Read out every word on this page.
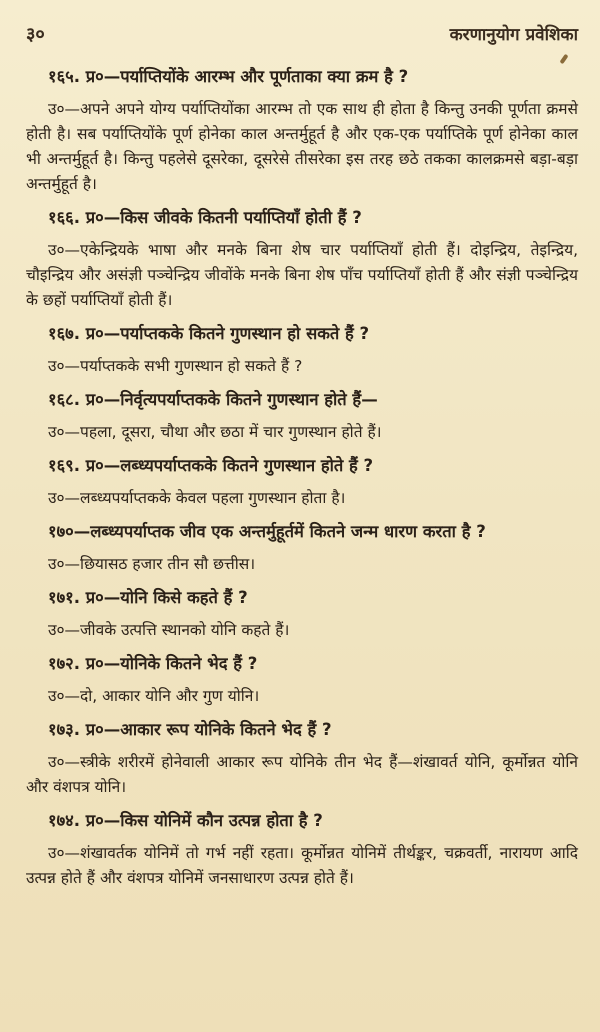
३०	करणानुयोग प्रवेशिका
१६५. प्र०—पर्याप्तियोंके आरम्भ और पूर्णताका क्या क्रम है ?

उ०—अपने अपने योग्य पर्याप्तियोंका आरम्भ तो एक साथ ही होता है किन्तु उनकी पूर्णता क्रमसे होती है। सब पर्याप्तियोंके पूर्ण होनेका काल अन्तर्मुहूर्त है और एक-एक पर्याप्तिके पूर्ण होनेका काल भी अन्तर्मुहूर्त है। किन्तु पहलेसे दूसरेका, दूसरेसे तीसरेका इस तरह छठे तकका कालक्रमसे बड़ा-बड़ा अन्तर्मुहूर्त है।

१६६. प्र०—किस जीवके कितनी पर्याप्तियाँ होती हैं ?

उ०—एकेन्द्रियके भाषा और मनके बिना शेष चार पर्याप्तियाँ होती हैं। दोइन्द्रिय, तेइन्द्रिय, चौइन्द्रिय और असंज्ञी पञ्चेन्द्रिय जीवोंके मनके बिना शेष पाँच पर्याप्तियाँ होती हैं और संज्ञी पञ्चेन्द्रिय के छहों पर्याप्तियाँ होती हैं।

१६७. प्र०—पर्याप्तकके कितने गुणस्थान हो सकते हैं ?

उ०—पर्याप्तकके सभी गुणस्थान हो सकते हैं ?

१६८. प्र०—निर्वृत्यपर्याप्तकके कितने गुणस्थान होते हैं—

उ०—पहला, दूसरा, चौथा और छठा में चार गुणस्थान होते हैं।

१६९. प्र०—लब्ध्यपर्याप्तकके कितने गुणस्थान होते हैं ?

उ०—लब्ध्यपर्याप्तकके केवल पहला गुणस्थान होता है।

१७०—लब्ध्यपर्याप्तक जीव एक अन्तर्मुहूर्तमें कितने जन्म धारण करता है ?

उ०—छियासठ हजार तीन सौ छत्तीस।

१७१. प्र०—योनि किसे कहते हैं ?

उ०—जीवके उत्पत्ति स्थानको योनि कहते हैं।

१७२. प्र०—योनिके कितने भेद हैं ?

उ०—दो, आकार योनि और गुण योनि।

१७३. प्र०—आकार रूप योनिके कितने भेद हैं ?

उ०—स्त्रीके शरीरमें होनेवाली आकार रूप योनिके तीन भेद हैं—शंखावर्त योनि, कूर्मोन्नत योनि और वंशपत्र योनि।

१७४. प्र०—किस योनिमें कौन उत्पन्न होता है ?

उ०—शंखावर्तक योनिमें तो गर्भ नहीं रहता। कूर्मोन्नत योनिमें तीर्थङ्कर, चक्रवर्ती, नारायण आदि उत्पन्न होते हैं और वंशपत्र योनिमें जनसाधारण उत्पन्न होते हैं।
